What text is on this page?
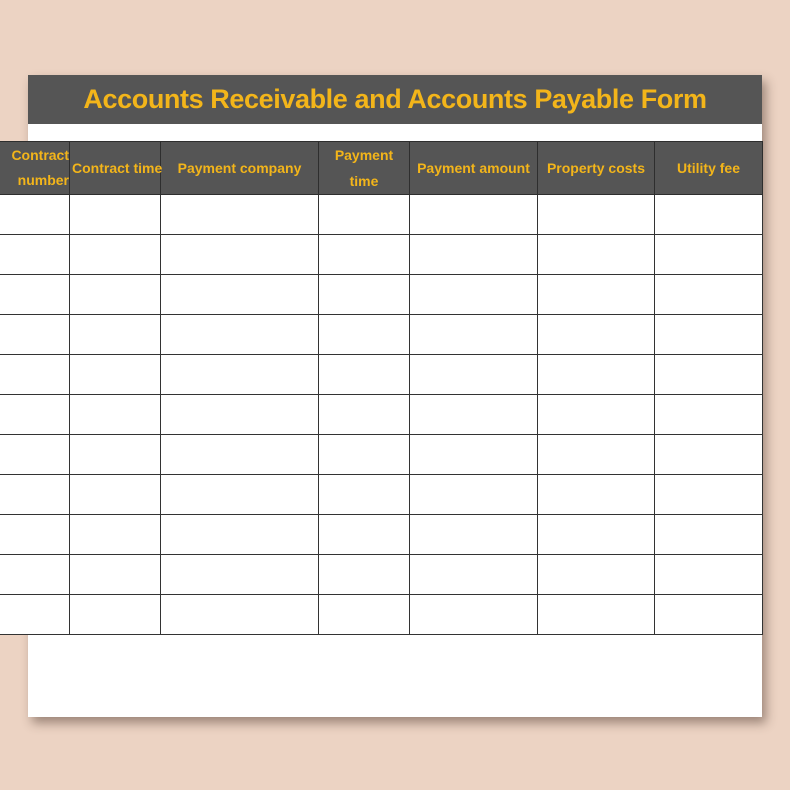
Accounts Receivable and Accounts Payable Form
Contract number	Contract time	Payment company	Payment time	Payment amount	Property costs	Utility fee
